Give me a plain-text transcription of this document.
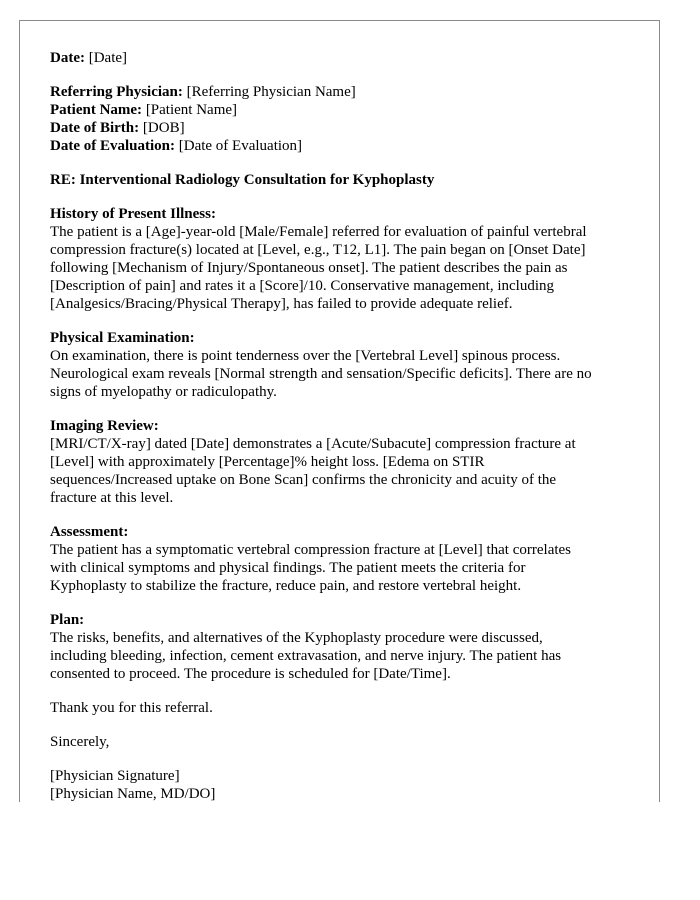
Date: [Date]
Referring Physician: [Referring Physician Name]
Patient Name: [Patient Name]
Date of Birth: [DOB]
Date of Evaluation: [Date of Evaluation]
RE: Interventional Radiology Consultation for Kyphoplasty
History of Present Illness:
The patient is a [Age]-year-old [Male/Female] referred for evaluation of painful vertebral
compression fracture(s) located at [Level, e.g., T12, L1]. The pain began on [Onset Date]
following [Mechanism of Injury/Spontaneous onset]. The patient describes the pain as
[Description of pain] and rates it a [Score]/10. Conservative management, including
[Analgesics/Bracing/Physical Therapy], has failed to provide adequate relief.
Physical Examination:
On examination, there is point tenderness over the [Vertebral Level] spinous process.
Neurological exam reveals [Normal strength and sensation/Specific deficits]. There are no
signs of myelopathy or radiculopathy.
Imaging Review:
[MRI/CT/X-ray] dated [Date] demonstrates a [Acute/Subacute] compression fracture at
[Level] with approximately [Percentage]% height loss. [Edema on STIR
sequences/Increased uptake on Bone Scan] confirms the chronicity and acuity of the
fracture at this level.
Assessment:
The patient has a symptomatic vertebral compression fracture at [Level] that correlates
with clinical symptoms and physical findings. The patient meets the criteria for
Kyphoplasty to stabilize the fracture, reduce pain, and restore vertebral height.
Plan:
The risks, benefits, and alternatives of the Kyphoplasty procedure were discussed,
including bleeding, infection, cement extravasation, and nerve injury. The patient has
consented to proceed. The procedure is scheduled for [Date/Time].
Thank you for this referral.
Sincerely,
[Physician Signature]
[Physician Name, MD/DO]
